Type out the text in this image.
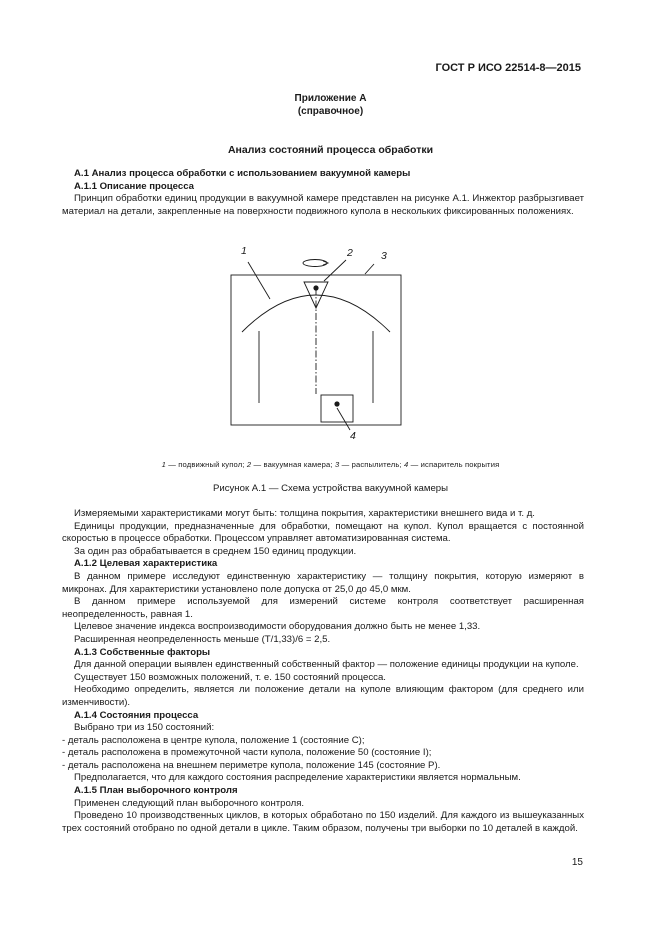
ГОСТ Р ИСО 22514-8—2015
Приложение А
(справочное)
Анализ состояний процесса обработки

А.1 Анализ процесса обработки с использованием вакуумной камеры

А.1.1 Описание процесса

Принцип обработки единиц продукции в вакуумной камере представлен на рисунке А.1. Инжектор разбрызгивает материал на детали, закрепленные на поверхности подвижного купола в нескольких фиксированных положениях.

1	2	3
4
1 — подвижный купол; 2 — вакуумная камера; 3 — распылитель; 4 — испаритель покрытия
Рисунок А.1 — Схема устройства вакуумной камеры

Измеряемыми характеристиками могут быть: толщина покрытия, характеристики внешнего вида и т. д.

Единицы продукции, предназначенные для обработки, помещают на купол. Купол вращается с постоянной скоростью в процессе обработки. Процессом управляет автоматизированная система.

За один раз обрабатывается в среднем 150 единиц продукции.

А.1.2 Целевая характеристика

В данном примере исследуют единственную характеристику — толщину покрытия, которую измеряют в микронах. Для характеристики установлено поле допуска от 25,0 до 45,0 мкм.

В данном примере используемой для измерений системе контроля соответствует расширенная неопределенность, равная 1.

Целевое значение индекса воспроизводимости оборудования должно быть не менее 1,33.

Расширенная неопределенность меньше (T/1,33)/6 = 2,5.

А.1.3 Собственные факторы

Для данной операции выявлен единственный собственный фактор — положение единицы продукции на куполе.

Существует 150 возможных положений, т. е. 150 состояний процесса.

Необходимо определить, является ли положение детали на куполе влияющим фактором (для среднего или изменчивости).

А.1.4 Состояния процесса

Выбрано три из 150 состояний:

- деталь расположена в центре купола, положение 1 (состояние С);

- деталь расположена в промежуточной части купола, положение 50 (состояние I);

- деталь расположена на внешнем периметре купола, положение 145 (состояние Р).

Предполагается, что для каждого состояния распределение характеристики является нормальным.

А.1.5 План выборочного контроля

Применен следующий план выборочного контроля.

Проведено 10 производственных циклов, в которых обработано по 150 изделий. Для каждого из вышеуказанных трех состояний отобрано по одной детали в цикле. Таким образом, получены три выборки по 10 деталей в каждой.

15
